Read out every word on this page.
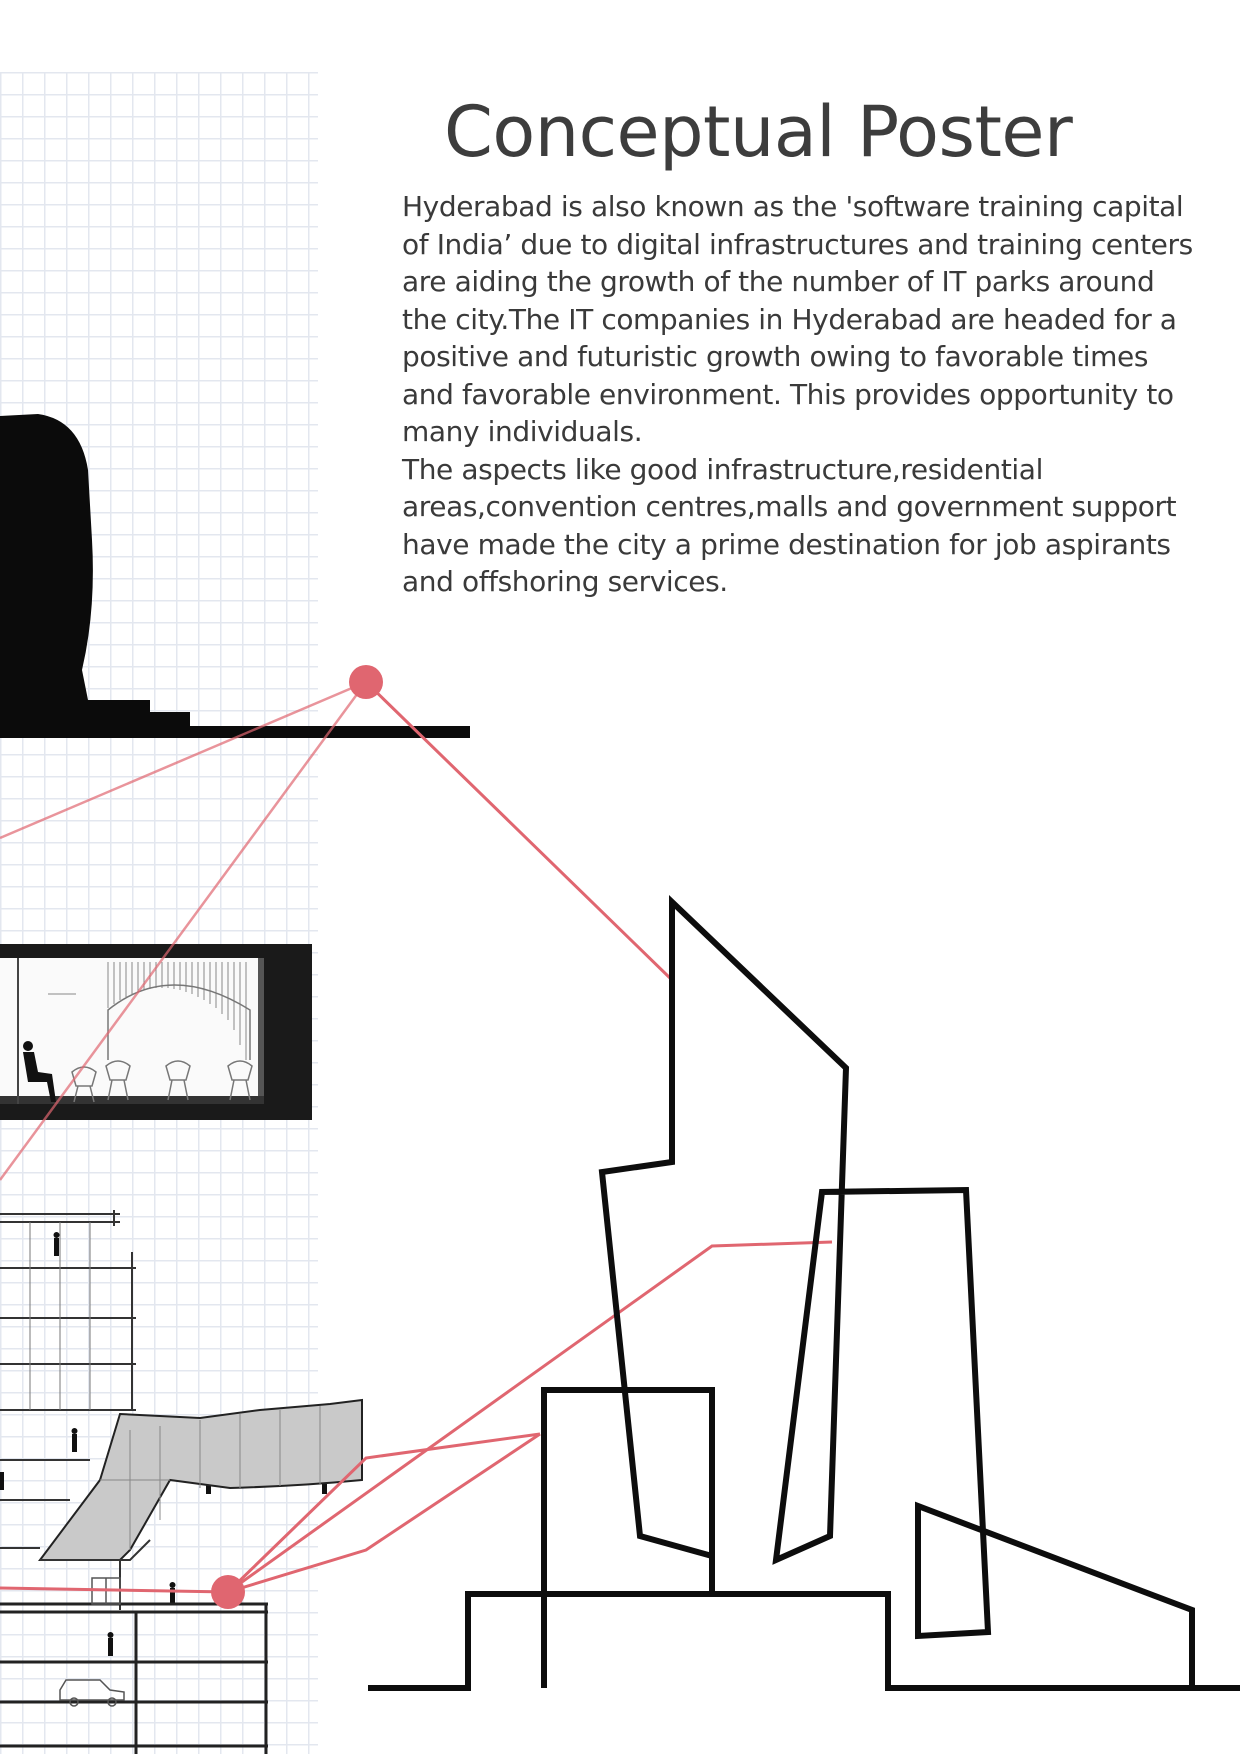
Conceptual Poster

Hyderabad is also known as the 'software training capital of India’ due to digital infrastructures and training centers are aiding the growth of the number of IT parks around the city.The IT companies in Hyderabad are headed for a positive and futuristic growth owing to favorable times and favorable environment. This provides opportunity to many individuals.

The aspects like good infrastructure,residential areas,convention centres,malls and government support have made the city a prime destination for job aspirants and offshoring services.
